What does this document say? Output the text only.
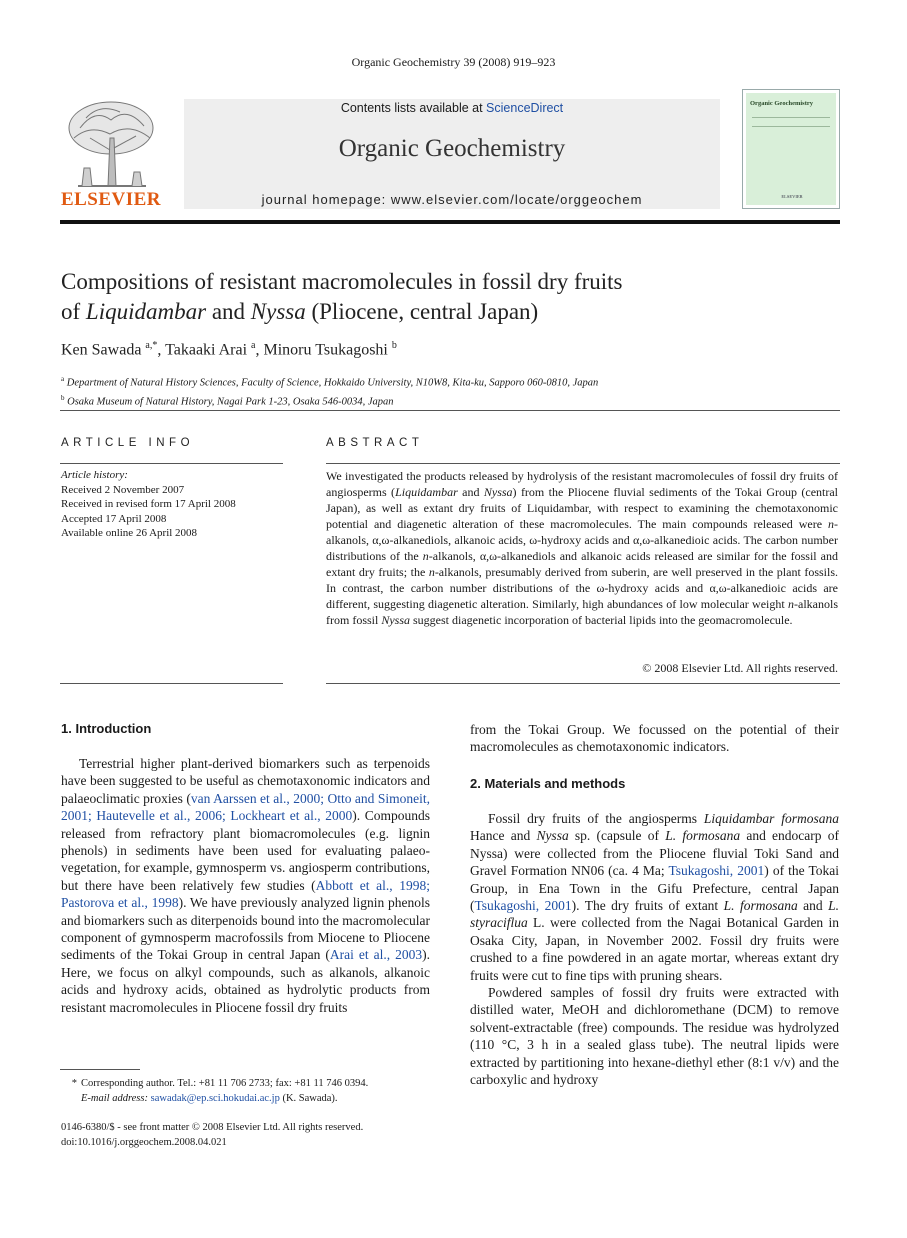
Organic Geochemistry 39 (2008) 919–923
ELSEVIER
Contents lists available at ScienceDirect
Organic Geochemistry
journal homepage: www.elsevier.com/locate/orggeochem
Organic Geochemistry
ELSEVIER
Compositions of resistant macromolecules in fossil dry fruits
of Liquidambar and Nyssa (Pliocene, central Japan)
Ken Sawada $^{a,*}$, Takaaki Arai $^a$, Minoru Tsukagoshi $^b$
$^a$ Department of Natural History Sciences, Faculty of Science, Hokkaido University, N10W8, Kita-ku, Sapporo 060-0810, Japan
$^b$ Osaka Museum of Natural History, Nagai Park 1-23, Osaka 546-0034, Japan
ARTICLE INFO	ABSTRACT
Article history:
Received 2 November 2007
Received in revised form 17 April 2008
Accepted 17 April 2008
Available online 26 April 2008
We investigated the products released by hydrolysis of the resistant macromolecules of fossil dry fruits of angiosperms (Liquidambar and Nyssa) from the Pliocene fluvial sediments of the Tokai Group (central Japan), as well as extant dry fruits of Liquidambar, with respect to examining the chemotaxonomic potential and diagenetic alteration of these macromolecules. The main compounds released were n-alkanols, α,ω-alkanediols, alkanoic acids, ω-hydroxy acids and α,ω-alkanedioic acids. The carbon number distributions of the n-alkanols, α,ω-alkanediols and alkanoic acids released are similar for the fossil and extant dry fruits; the n-alkanols, presumably derived from suberin, are well preserved in the plant fossils. In contrast, the carbon number distributions of the ω-hydroxy acids and α,ω-alkanedioic acids are different, suggesting diagenetic alteration. Similarly, high abundances of low molecular weight n-alkanols from fossil Nyssa suggest diagenetic incorporation of bacterial lipids into the geomacromolecule.
© 2008 Elsevier Ltd. All rights reserved.
1. Introduction

Terrestrial higher plant-derived biomarkers such as terpenoids have been suggested to be useful as chemotaxonomic indicators and palaeoclimatic proxies (van Aarssen et al., 2000; Otto and Simoneit, 2001; Hautevelle et al., 2006; Lockheart et al., 2000). Compounds released from refractory plant biomacromolecules (e.g. lignin phenols) in sediments have been used for evaluating palaeo-vegetation, for example, gymnosperm vs. angiosperm contributions, but there have been relatively few studies (Abbott et al., 1998; Pastorova et al., 1998). We have previously analyzed lignin phenols and biomarkers such as diterpenoids bound into the macromolecular component of gymnosperm macrofossils from Miocene to Pliocene sediments of the Tokai Group in central Japan (Arai et al., 2003). Here, we focus on alkyl compounds, such as alkanols, alkanoic acids and hydroxy acids, obtained as hydrolytic products from resistant macromolecules in Pliocene fossil dry fruits

from the Tokai Group. We focussed on the potential of their macromolecules as chemotaxonomic indicators.

2. Materials and methods

Fossil dry fruits of the angiosperms Liquidambar formosana Hance and Nyssa sp. (capsule of L. formosana and endocarp of Nyssa) were collected from the Pliocene fluvial Toki Sand and Gravel Formation NN06 (ca. 4 Ma; Tsukagoshi, 2001) of the Tokai Group, in Ena Town in the Gifu Prefecture, central Japan (Tsukagoshi, 2001). The dry fruits of extant L. formosana and L. styraciflua L. were collected from the Nagai Botanical Garden in Osaka City, Japan, in November 2002. Fossil dry fruits were crushed to a fine powdered in an agate mortar, whereas extant dry fruits were cut to fine tips with pruning shears.

Powdered samples of fossil dry fruits were extracted with distilled water, MeOH and dichloromethane (DCM) to remove solvent-extractable (free) compounds. The residue was hydrolyzed (110 °C, 3 h in a sealed glass tube). The neutral lipids were extracted by partitioning into hexane-diethyl ether (8:1 v/v) and the carboxylic and hydroxy

* Corresponding author. Tel.: +81 11 706 2733; fax: +81 11 746 0394.
E-mail address: sawadak@ep.sci.hokudai.ac.jp (K. Sawada).
0146-6380/$ - see front matter © 2008 Elsevier Ltd. All rights reserved.
doi:10.1016/j.orggeochem.2008.04.021
